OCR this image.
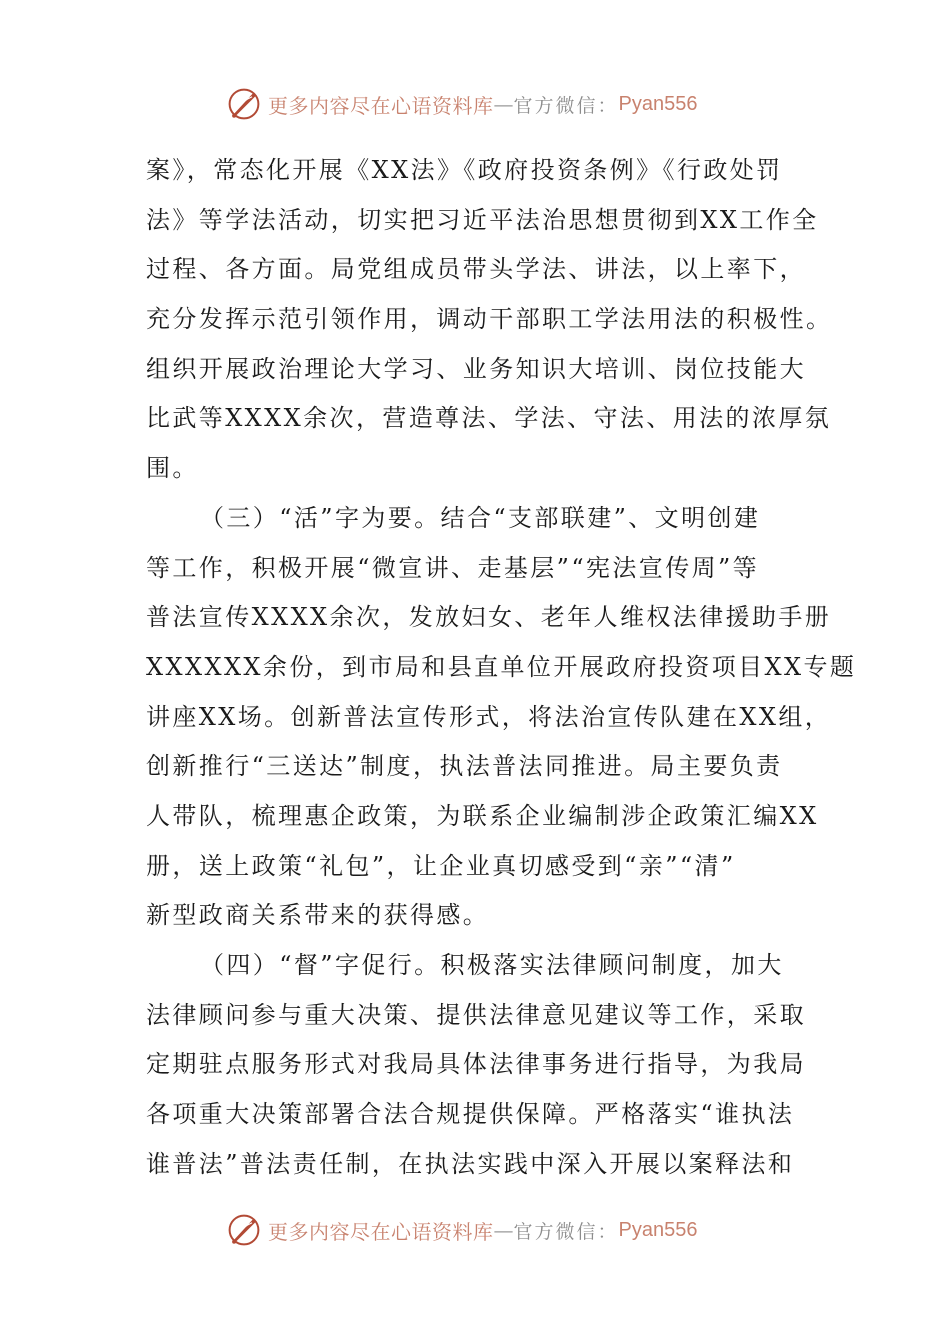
更多内容尽在心语资料库 — 官方微信： Pyan556
案》，常态化开展《XX法》《政府投资条例》《行政处罚
法》等学法活动，切实把习近平法治思想贯彻到XX工作全
过程、各方面。局党组成员带头学法、讲法，以上率下，
充分发挥示范引领作用，调动干部职工学法用法的积极性。
组织开展政治理论大学习、业务知识大培训、岗位技能大
比武等XXXX余次，营造尊法、学法、守法、用法的浓厚氛
围。
（三）“活”字为要。结合“支部联建”、文明创建
等工作，积极开展“微宣讲、走基层”“宪法宣传周”等
普法宣传XXXX余次，发放妇女、老年人维权法律援助手册
XXXXXX余份，到市局和县直单位开展政府投资项目XX专题
讲座XX场。创新普法宣传形式，将法治宣传队建在XX组，
创新推行“三送达”制度，执法普法同推进。局主要负责
人带队，梳理惠企政策，为联系企业编制涉企政策汇编XX
册，送上政策“礼包”，让企业真切感受到“亲”“清”
新型政商关系带来的获得感。
（四）“督”字促行。积极落实法律顾问制度，加大
法律顾问参与重大决策、提供法律意见建议等工作，采取
定期驻点服务形式对我局具体法律事务进行指导，为我局
各项重大决策部署合法合规提供保障。严格落实“谁执法
谁普法”普法责任制，在执法实践中深入开展以案释法和
更多内容尽在心语资料库 — 官方微信： Pyan556
